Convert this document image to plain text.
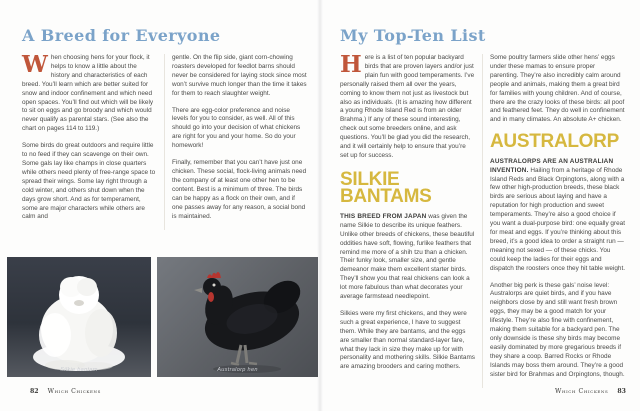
A Breed for Everyone

When choosing hens for your flock, it helps to know a little about the history and characteristics of each breed. You’ll learn which are better suited for snow and indoor confinement and which need open spaces. You’ll find out which will be likely to sit on eggs and go broody and which would never qualify as parental stars. (See also the chart on pages 114 to 119.)

Some birds do great outdoors and require little to no feed if they can scavenge on their own. Some gals lay like champs in close quarters while others need plenty of free-range space to spread their wings. Some lay right through a cold winter, and others shut down when the days grow short. And as for temperament, some are major characters while others are calm and

gentle. On the flip side, giant corn-chowing roasters developed for feedlot barns should never be considered for laying stock since most won’t survive much longer than the time it takes for them to reach slaughter weight.

There are egg-color preference and noise levels for you to consider, as well. All of this should go into your decision of what chickens are right for you and your home. So do your homework!

Finally, remember that you can’t have just one chicken. These social, flock-living animals need the company of at least one other hen to be content. Best is a minimum of three. The birds can be happy as a flock on their own, and if one passes away for any reason, a social bond is maintained.

Silkie bantam	Australorp hen
82 Which Chickens
My Top-Ten List

Here is a list of ten popular backyard birds that are proven layers and/or just plain fun with good temperaments. I’ve personally raised them all over the years, coming to know them not just as livestock but also as individuals. (It is amazing how different a young Rhode Island Red is from an older Brahma.) If any of these sound interesting, check out some breeders online, and ask questions. You’ll be glad you did the research, and it will certainly help to ensure that you’re set up for success.

SILKIE BANTAMS

THIS BREED FROM JAPAN was given the name Silkie to describe its unique feathers. Unlike other breeds of chickens, these beautiful oddities have soft, flowing, furlike feathers that remind me more of a shih tzu than a chicken. Their funky look, smaller size, and gentle demeanor make them excellent starter birds. They’ll show you that real chickens can look a lot more fabulous than what decorates your average farmstead needlepoint.

Silkies were my first chickens, and they were such a great experience, I have to suggest them. While they are bantams, and the eggs are smaller than normal standard-layer fare, what they lack in size they make up for with personality and mothering skills. Silkie Bantams are amazing brooders and caring mothers.

Some poultry farmers slide other hens’ eggs under these mamas to ensure proper parenting. They’re also incredibly calm around people and animals, making them a great bird for families with young children. And of course, there are the crazy looks of these birds: all poof and feathered feet. They do well in confinement and in many climates. An absolute A+ chicken.

AUSTRALORP

AUSTRALORPS ARE AN AUSTRALIAN INVENTION. Hailing from a heritage of Rhode Island Reds and Black Orpingtons, along with a few other high-production breeds, these black birds are serious about laying and have a reputation for high production and sweet temperaments. They’re also a good choice if you want a dual-purpose bird: one equally great for meat and eggs. If you’re thinking about this breed, it’s a good idea to order a straight run — meaning not sexed — of these chicks. You could keep the ladies for their eggs and dispatch the roosters once they hit table weight.

Another big perk is these gals’ noise level: Australorps are quiet birds, and if you have neighbors close by and still want fresh brown eggs, they may be a good match for your lifestyle. They’re also fine with confinement, making them suitable for a backyard pen. The only downside is these shy birds may become easily dominated by more gregarious breeds if they share a coop. Barred Rocks or Rhode Islands may boss them around. They’re a good sister bird for Brahmas and Orpingtons, though.

Which Chickens 83
